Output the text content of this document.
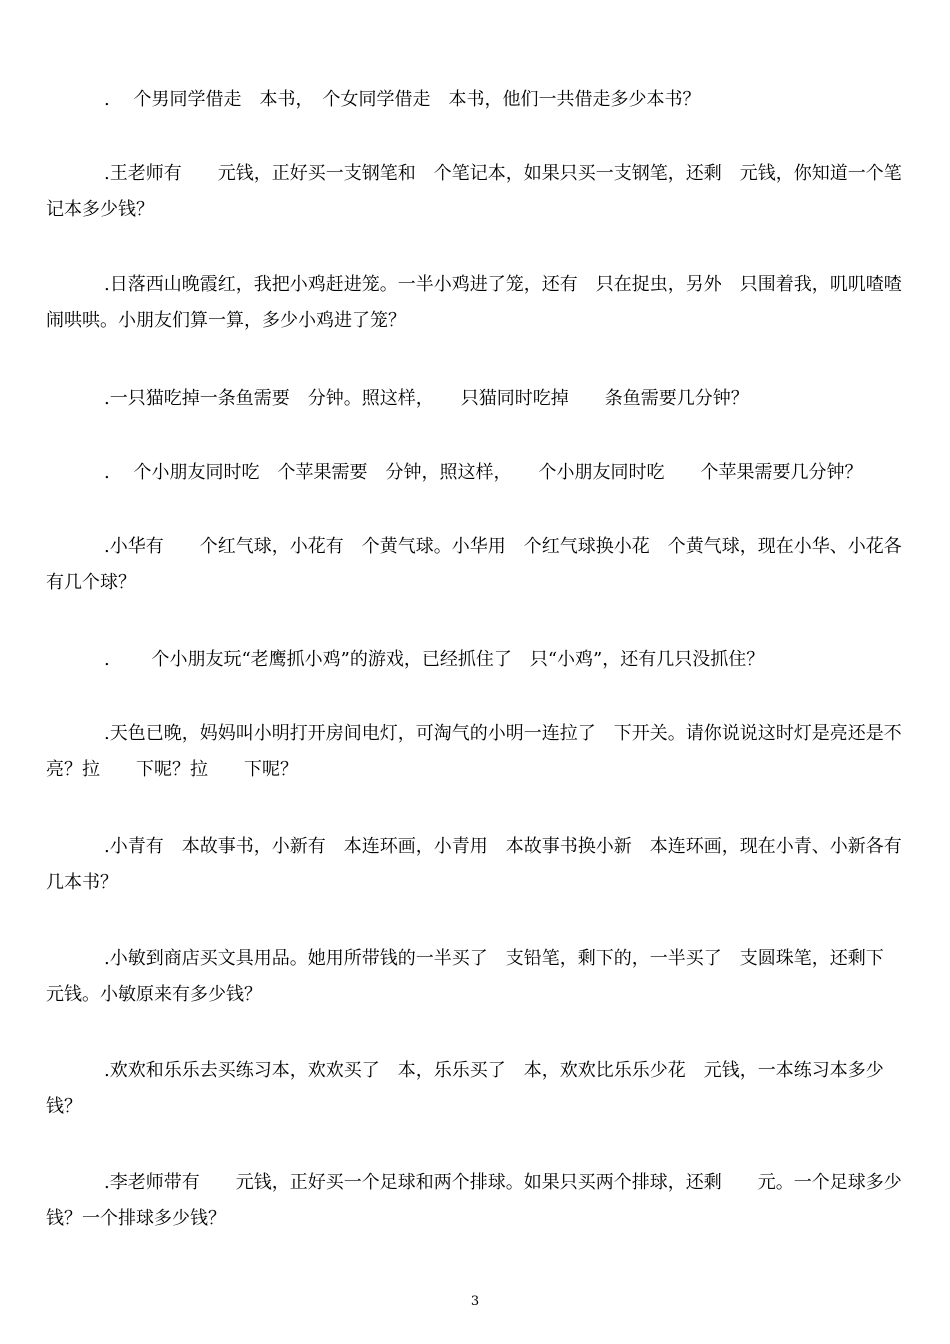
. 　个男同学借走　本书，　个女同学借走　本书，他们一共借走多少本书？

.王老师有　　元钱，正好买一支钢笔和　个笔记本，如果只买一支钢笔，还剩　元钱，你知道一个笔记本多少钱？

.日落西山晚霞红，我把小鸡赶进笼。一半小鸡进了笼，还有　只在捉虫，另外　只围着我，叽叽喳喳闹哄哄。小朋友们算一算，多少小鸡进了笼？

.一只猫吃掉一条鱼需要　分钟。照这样，　　只猫同时吃掉　　条鱼需要几分钟？

. 　个小朋友同时吃　个苹果需要　分钟，照这样，　　个小朋友同时吃　　个苹果需要几分钟？

.小华有　　个红气球，小花有　个黄气球。小华用　个红气球换小花　个黄气球，现在小华、小花各有几个球？

. 　　个小朋友玩“老鹰抓小鸡”的游戏，已经抓住了　只“小鸡”，还有几只没抓住？

.天色已晚，妈妈叫小明打开房间电灯，可淘气的小明一连拉了　下开关。请你说说这时灯是亮还是不亮？拉　　下呢？拉　　下呢？

.小青有　本故事书，小新有　本连环画，小青用　本故事书换小新　本连环画，现在小青、小新各有几本书？

.小敏到商店买文具用品。她用所带钱的一半买了　支铅笔，剩下的，一半买了　支圆珠笔，还剩下　元钱。小敏原来有多少钱？

.欢欢和乐乐去买练习本，欢欢买了　本，乐乐买了　本，欢欢比乐乐少花　元钱，一本练习本多少钱？

.李老师带有　　元钱，正好买一个足球和两个排球。如果只买两个排球，还剩　　元。一个足球多少钱？一个排球多少钱？

3
